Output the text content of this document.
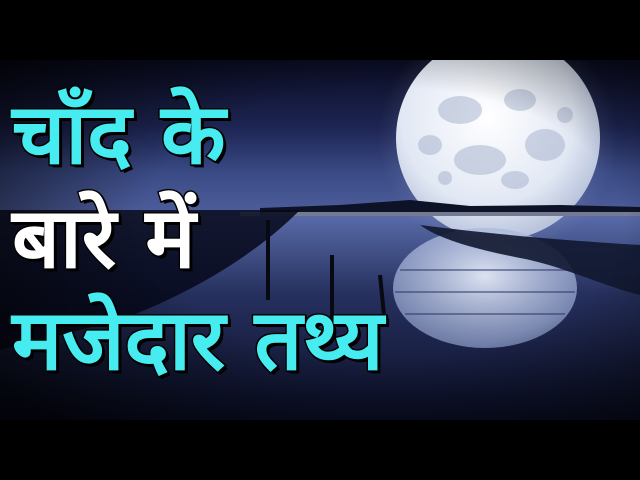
चाँद के

बारे में

मजेदार तथ्य
